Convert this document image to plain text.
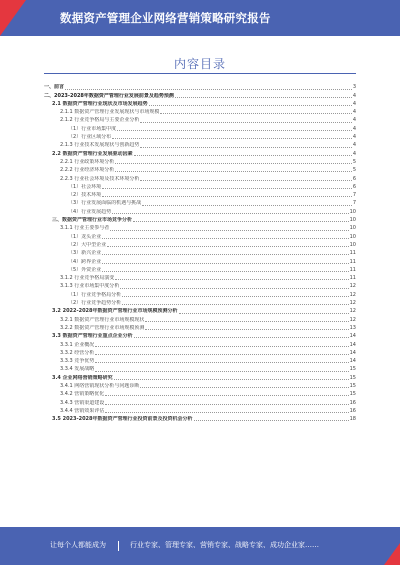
数据资产管理企业网络营销策略研究报告
内容目录
一、前言	3
二、2023-2028年数据资产管理行业发展前景及趋势预测	4
2.1 数据资产管理行业现状及市场发展趋势	4
2.1.1 数据资产管理行业发展现状与市场规模	4
2.1.2 行业竞争格局与主要企业分析	4
（1）行业市场集中度	4
（2）行业区域分布	4
2.1.3 行业技术发展现状与创新趋势	4
2.2 数据资产管理行业发展驱动因素	4
2.2.1 行业政策环境分析	5
2.2.2 行业经济环境分析	5
2.2.3 行业社会环境及技术环境分析	6
（1）社会环境	6
（2）技术环境	7
（3）行业发展面临的机遇与挑战	7
（4）行业发展趋势	10
三、数据资产管理行业市场竞争分析	10
3.1.1 行业主要参与者	10
（1）龙头企业	10
（2）大中型企业	10
（3）新兴企业	11
（4）跨界企业	11
（5）外资企业	11
3.1.2 行业竞争格局演变	11
3.1.3 行业市场集中度分析	12
（1）行业竞争格局分析	12
（2）行业竞争趋势分析	12
3.2 2022-2028年数据资产管理行业市场规模预测分析	12
3.2.1 数据资产管理行业市场规模现状	12
3.2.2 数据资产管理行业市场规模预测	13
3.3 数据资产管理行业重点企业分析	14
3.3.1 企业概况	14
3.3.2 经营分析	14
3.3.3 竞争优势	14
3.3.4 发展战略	15
3.4 企业网络营销策略研究	15
3.4.1 网络营销现状分析与问题诊断	15
3.4.2 营销策略优化	15
3.4.3 营销渠道建设	16
3.4.4 营销效果评估	16
3.5 2023-2028年数据资产管理行业投资前景及投资机会分析	18
让每个人都能成为	行业专家、管理专家、营销专家、战略专家、成功企业家……
